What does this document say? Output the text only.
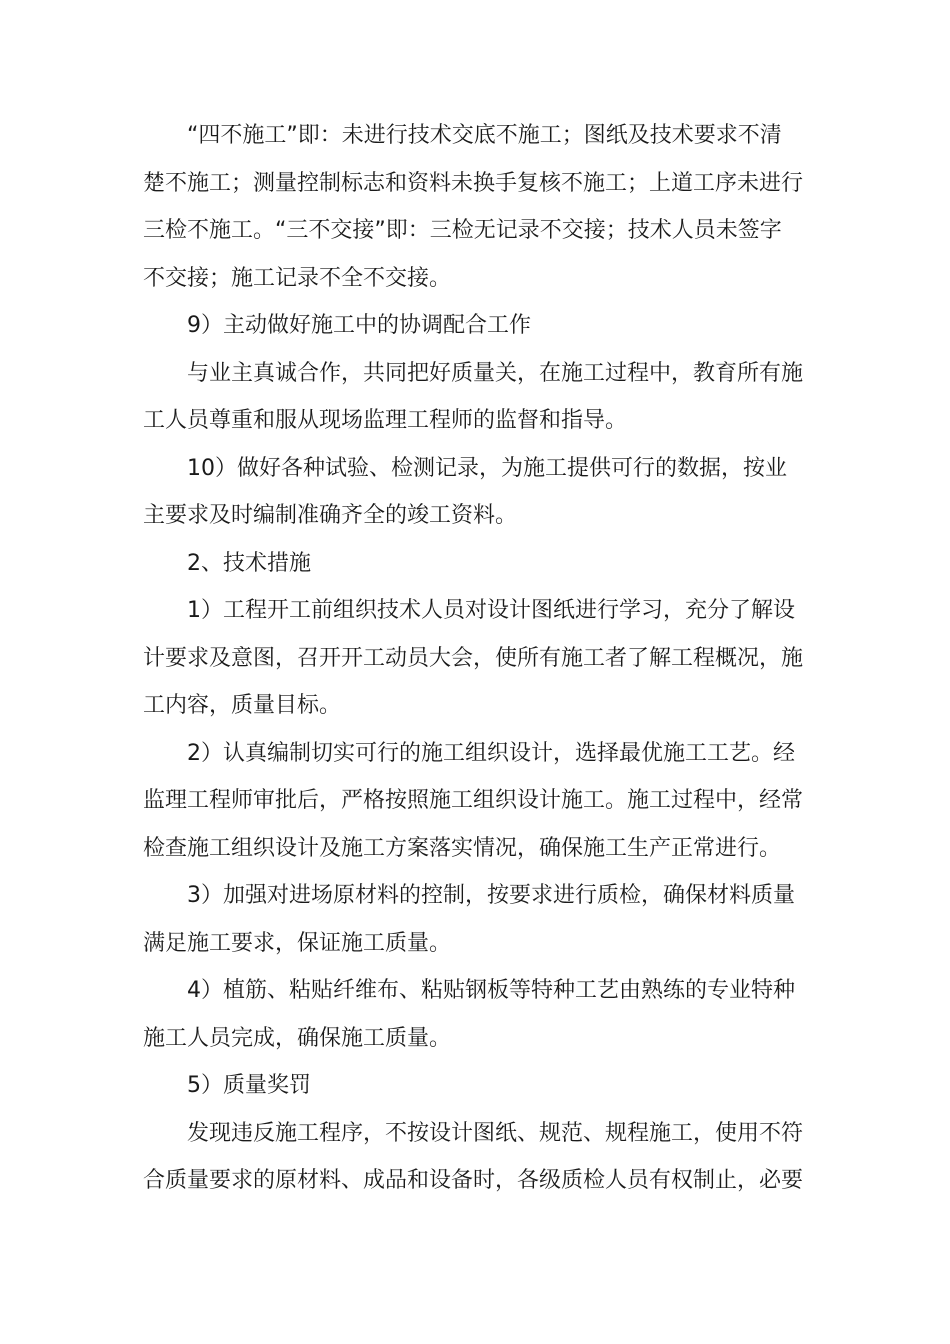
“四不施工”即：未进行技术交底不施工；图纸及技术要求不清
楚不施工；测量控制标志和资料未换手复核不施工；上道工序未进行
三检不施工。“三不交接”即：三检无记录不交接；技术人员未签字
不交接；施工记录不全不交接。

9）主动做好施工中的协调配合工作

与业主真诚合作，共同把好质量关，在施工过程中，教育所有施
工人员尊重和服从现场监理工程师的监督和指导。

10）做好各种试验、检测记录，为施工提供可行的数据，按业
主要求及时编制准确齐全的竣工资料。

2、技术措施

1）工程开工前组织技术人员对设计图纸进行学习，充分了解设
计要求及意图，召开开工动员大会，使所有施工者了解工程概况，施
工内容，质量目标。

2）认真编制切实可行的施工组织设计，选择最优施工工艺。经
监理工程师审批后，严格按照施工组织设计施工。施工过程中，经常
检查施工组织设计及施工方案落实情况，确保施工生产正常进行。

3）加强对进场原材料的控制，按要求进行质检，确保材料质量
满足施工要求，保证施工质量。

4）植筋、粘贴纤维布、粘贴钢板等特种工艺由熟练的专业特种
施工人员完成，确保施工质量。

5）质量奖罚

发现违反施工程序，不按设计图纸、规范、规程施工，使用不符
合质量要求的原材料、成品和设备时，各级质检人员有权制止，必要
